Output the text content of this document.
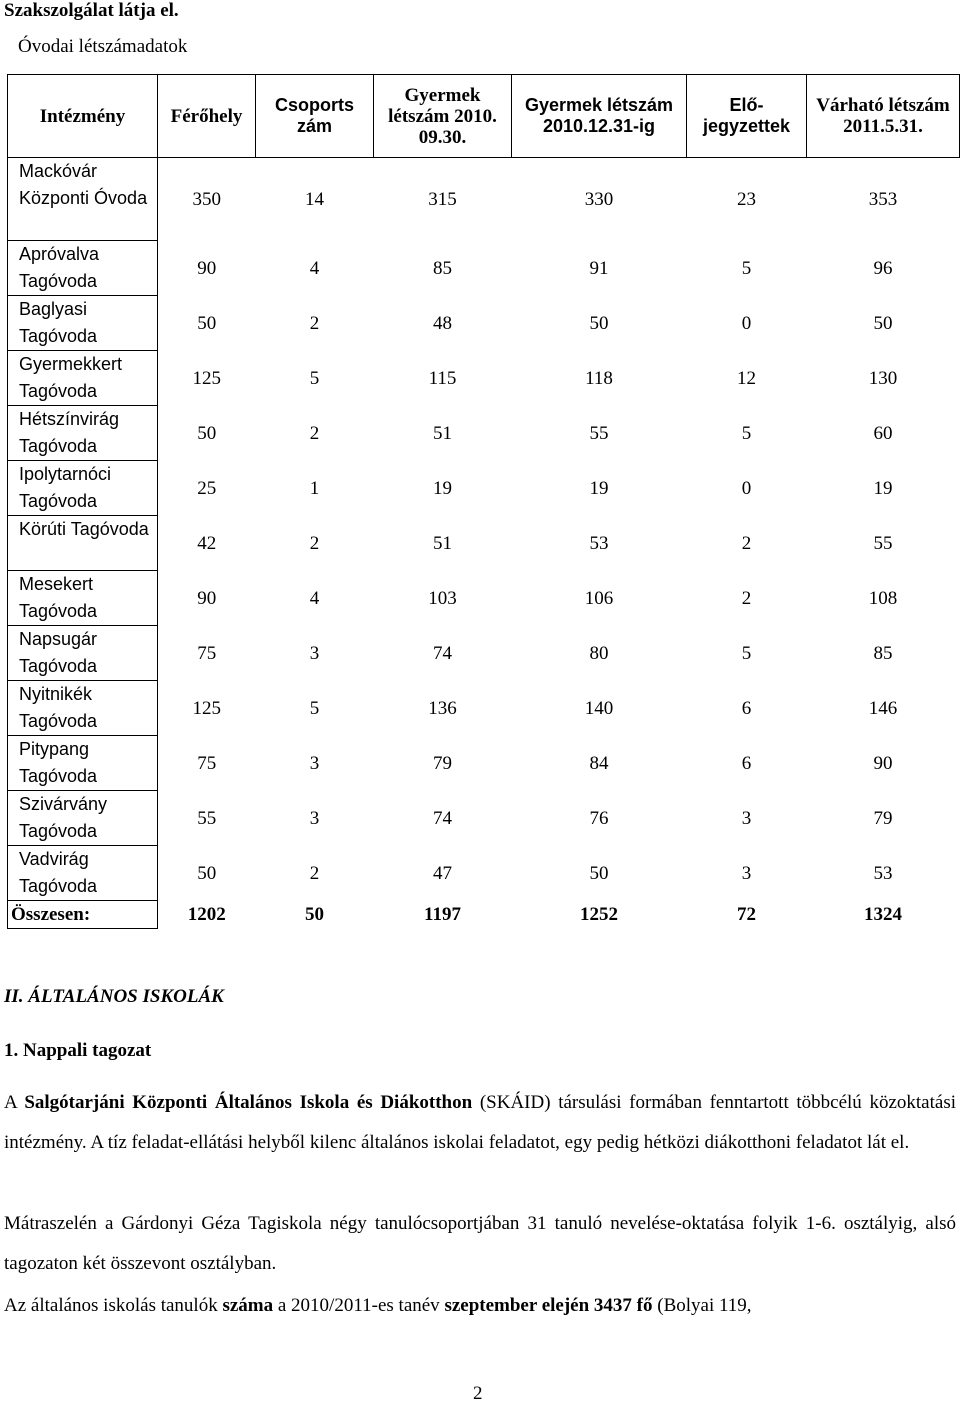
Szakszolgálat látja el.
Óvodai létszámadatok
Intézmény	Férőhely	Csoports zám	Gyermek létszám 2010. 09.30.	Gyermek létszám 2010.12.31-ig	Elő-jegyzettek	Várható létszám 2011.5.31.
Mackóvár Központi Óvoda	350	14	315	330	23	353
Apróvalva Tagóvoda	90	4	85	91	5	96
Baglyasi Tagóvoda	50	2	48	50	0	50
Gyermekkert Tagóvoda	125	5	115	118	12	130
Hétszínvirág Tagóvoda	50	2	51	55	5	60
Ipolytarnóci Tagóvoda	25	1	19	19	0	19
Körúti Tagóvoda	42	2	51	53	2	55
Mesekert Tagóvoda	90	4	103	106	2	108
Napsugár Tagóvoda	75	3	74	80	5	85
Nyitnikék Tagóvoda	125	5	136	140	6	146
Pitypang Tagóvoda	75	3	79	84	6	90
Szivárvány Tagóvoda	55	3	74	76	3	79
Vadvirág Tagóvoda	50	2	47	50	3	53
Összesen:	1202	50	1197	1252	72	1324
II. ÁLTALÁNOS ISKOLÁK
1. Nappali tagozat
A Salgótarjáni Központi Általános Iskola és Diákotthon (SKÁID) társulási formában fenntartott többcélú közoktatási intézmény. A tíz feladat-ellátási helyből kilenc általános iskolai feladatot, egy pedig hétközi diákotthoni feladatot lát el.
Mátraszelén a Gárdonyi Géza Tagiskola négy tanulócsoportjában 31 tanuló nevelése-oktatása folyik 1-6. osztályig, alsó tagozaton két összevont osztályban.
Az általános iskolás tanulók száma a 2010/2011-es tanév szeptember elején 3437 fő (Bolyai 119,
2
